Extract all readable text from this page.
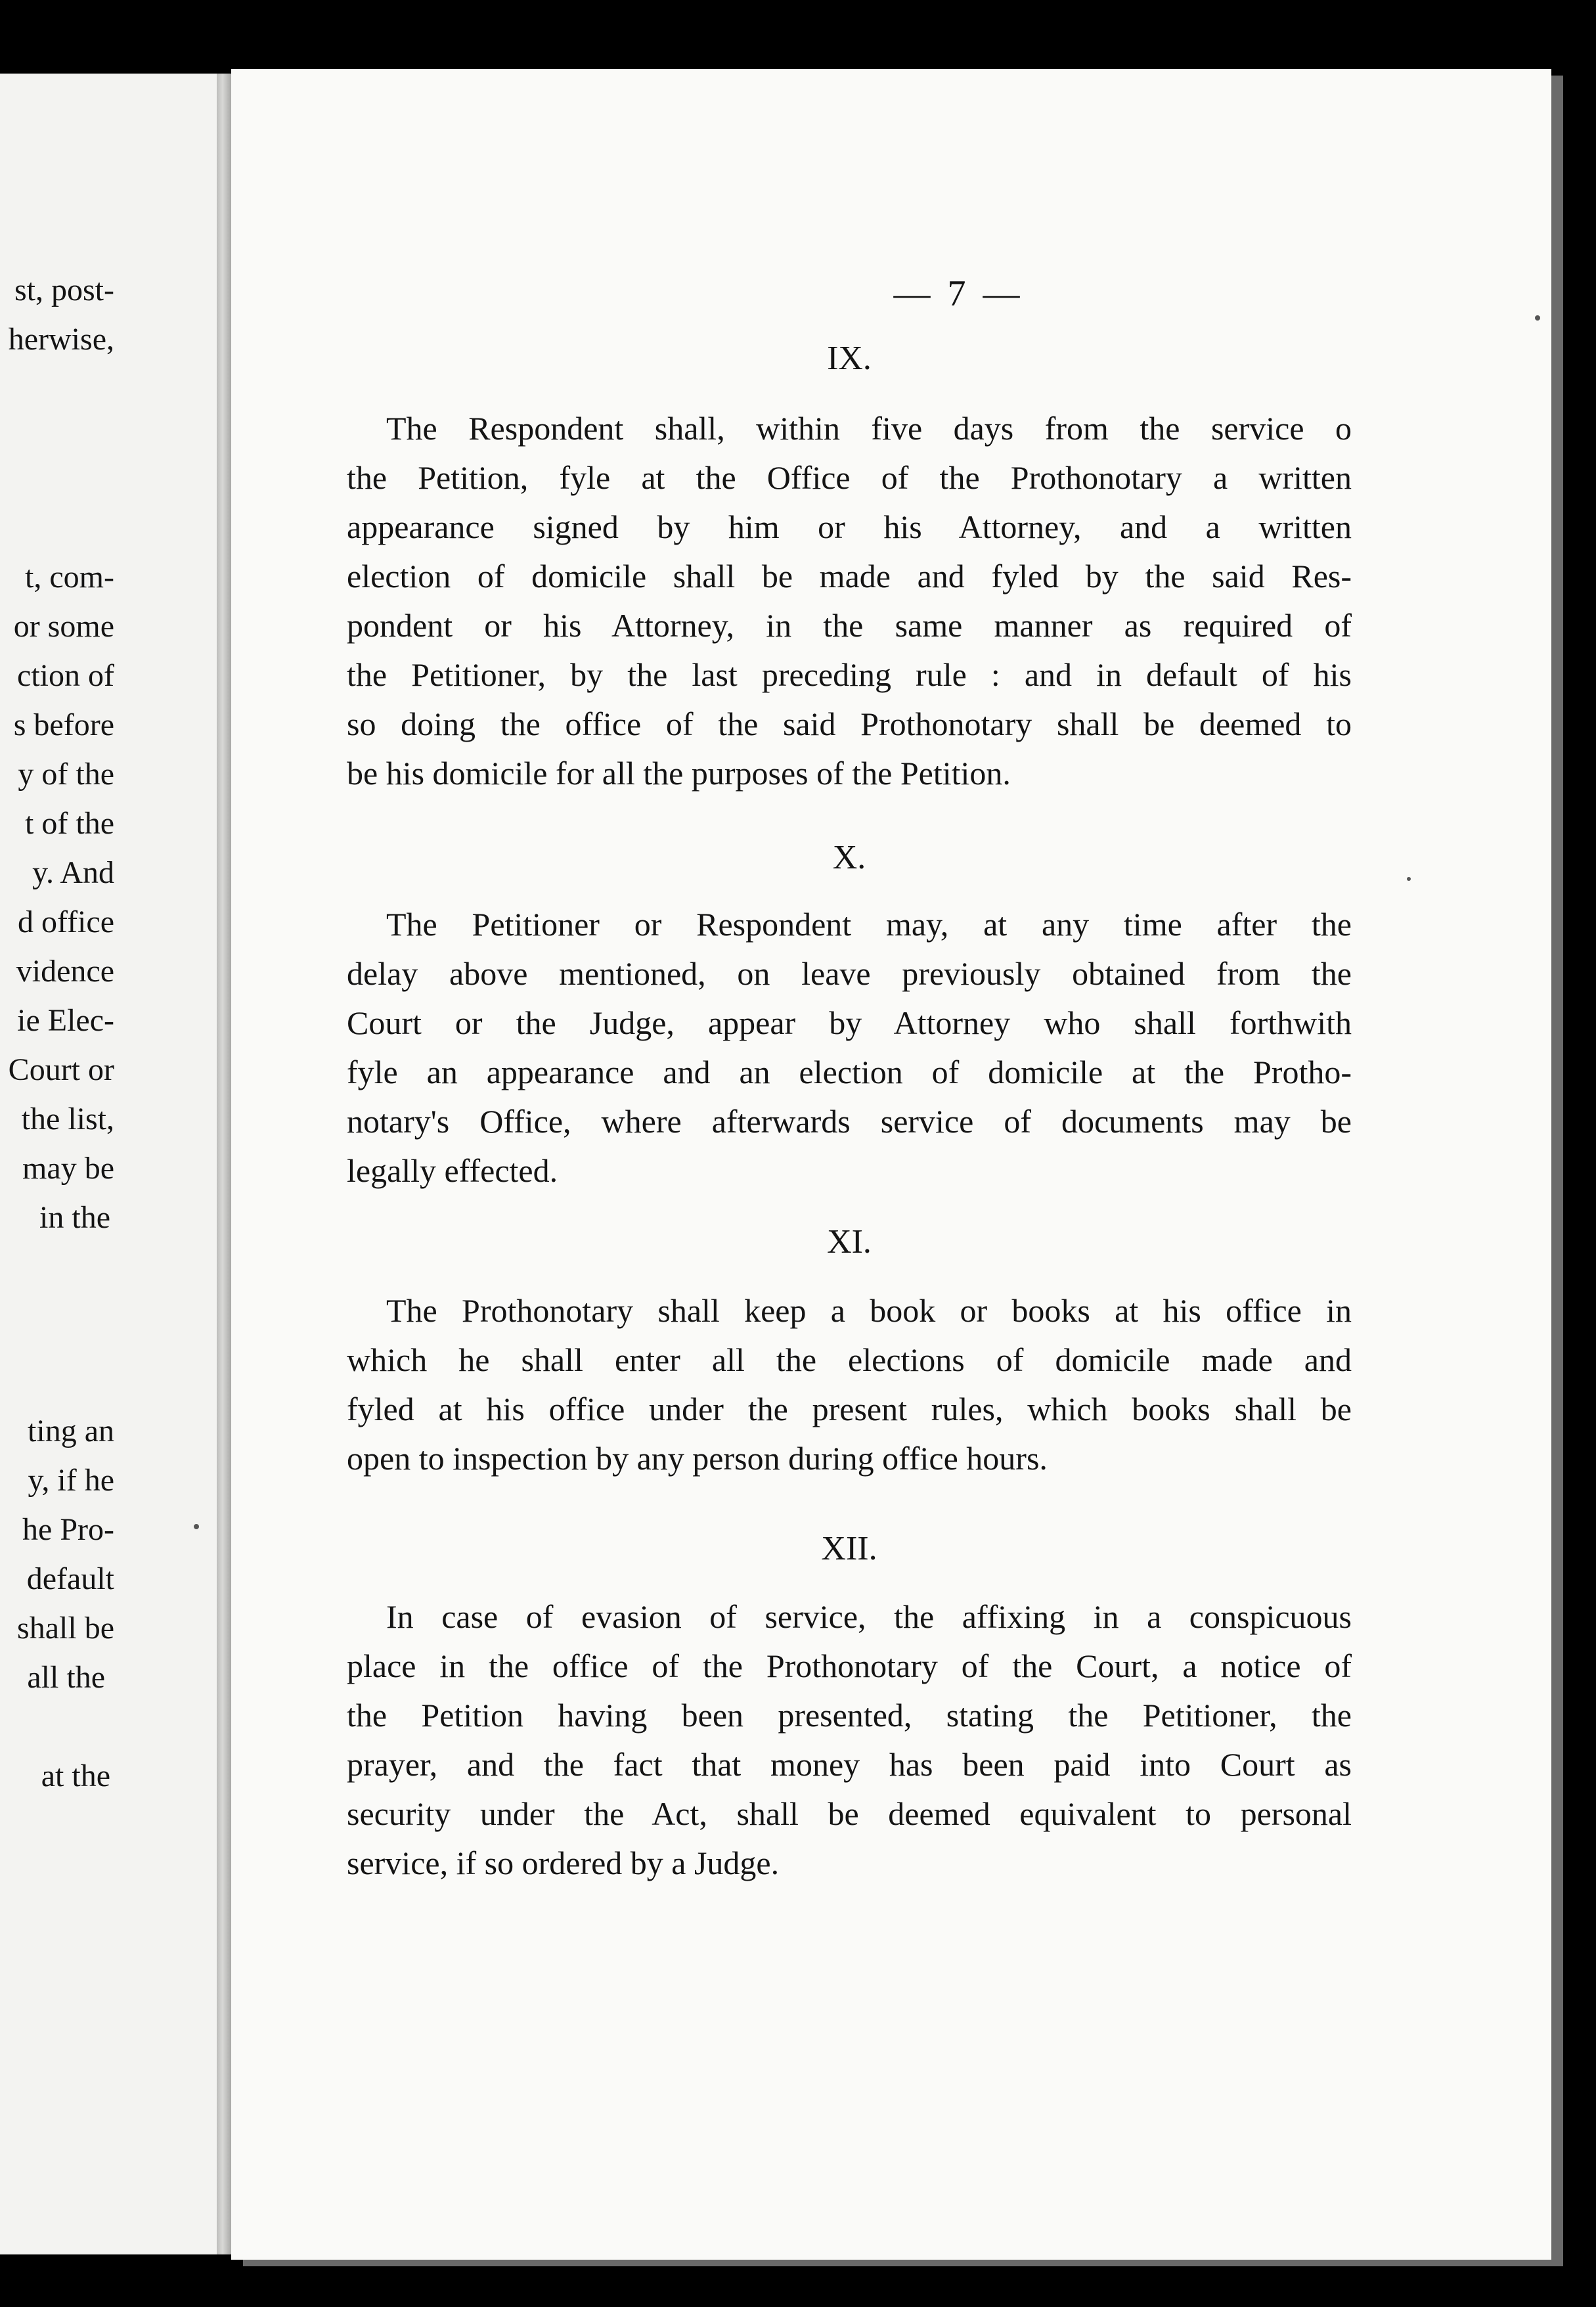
st, post-
herwise,
t, com-
or some
ction of
s before
y of the
t of the
y. And
d office
vidence
ie Elec-
Court or
the list,
may be
in the
ting an
y, if he
he Pro-
default
shall be
all the
at the
— 7 —
IX.
The Respondent shall, within five days from the service o
the Petition, fyle at the Office of the Prothonotary a written
appearance signed by him or his Attorney, and a written
election of domicile shall be made and fyled by the said Res-
pondent or his Attorney, in the same manner as required of
the Petitioner, by the last preceding rule : and in default of his
so doing the office of the said Prothonotary shall be deemed to
be his domicile for all the purposes of the Petition.
X.
The Petitioner or Respondent may, at any time after the
delay above mentioned, on leave previously obtained from the
Court or the Judge, appear by Attorney who shall forthwith
fyle an appearance and an election of domicile at the Protho-
notary's Office, where afterwards service of documents may be
legally effected.
XI.
The Prothonotary shall keep a book or books at his office in
which he shall enter all the elections of domicile made and
fyled at his office under the present rules, which books shall be
open to inspection by any person during office hours.
XII.
In case of evasion of service, the affixing in a conspicuous
place in the office of the Prothonotary of the Court, a notice of
the Petition having been presented, stating the Petitioner, the
prayer, and the fact that money has been paid into Court as
security under the Act, shall be deemed equivalent to personal
service, if so ordered by a Judge.
